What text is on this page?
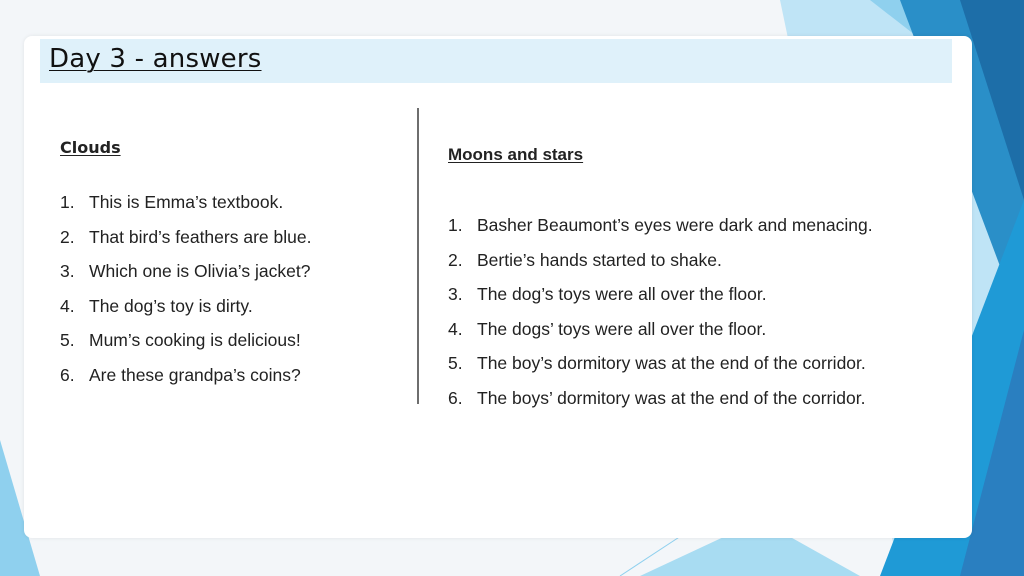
Day 3 - answers
Clouds
1. This is Emma’s textbook.
2. That bird’s feathers are blue.
3. Which one is Olivia’s jacket?
4. The dog’s toy is dirty.
5. Mum’s cooking is delicious!
6. Are these grandpa’s coins?
Moons and stars
1. Basher Beaumont’s eyes were dark and menacing.
2. Bertie’s hands started to shake.
3. The dog’s toys were all over the floor.
4. The dogs’ toys were all over the floor.
5. The boy’s dormitory was at the end of the corridor.
6. The boys’ dormitory was at the end of the corridor.
